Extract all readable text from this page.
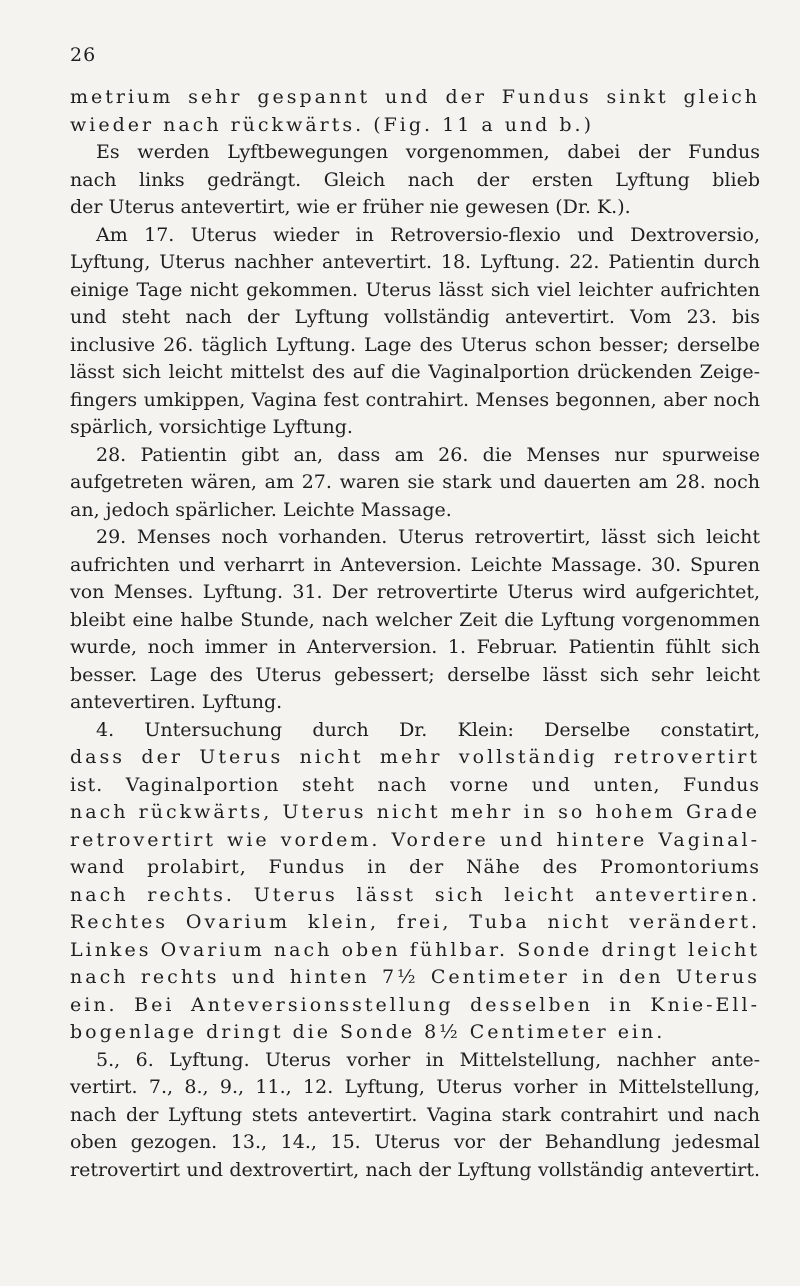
26
metrium sehr gespannt und der Fundus sinkt gleich
wieder nach rückwärts. (Fig. 11 a und b.)
Es werden Lyftbewegungen vorgenommen, dabei der Fundus
nach links gedrängt. Gleich nach der ersten Lyftung blieb
der Uterus antevertirt, wie er früher nie gewesen (Dr. K.).
Am 17. Uterus wieder in Retroversio-flexio und Dextroversio,
Lyftung, Uterus nachher antevertirt. 18. Lyftung. 22. Patientin durch
einige Tage nicht gekommen. Uterus lässt sich viel leichter aufrichten
und steht nach der Lyftung vollständig antevertirt. Vom 23. bis
inclusive 26. täglich Lyftung. Lage des Uterus schon besser; derselbe
lässt sich leicht mittelst des auf die Vaginalportion drückenden Zeige-
fingers umkippen, Vagina fest contrahirt. Menses begonnen, aber noch
spärlich, vorsichtige Lyftung.
28. Patientin gibt an, dass am 26. die Menses nur spurweise
aufgetreten wären, am 27. waren sie stark und dauerten am 28. noch
an, jedoch spärlicher. Leichte Massage.
29. Menses noch vorhanden. Uterus retrovertirt, lässt sich leicht
aufrichten und verharrt in Anteversion. Leichte Massage. 30. Spuren
von Menses. Lyftung. 31. Der retrovertirte Uterus wird aufgerichtet,
bleibt eine halbe Stunde, nach welcher Zeit die Lyftung vorgenommen
wurde, noch immer in Anterversion. 1. Februar. Patientin fühlt sich
besser. Lage des Uterus gebessert; derselbe lässt sich sehr leicht
antevertiren. Lyftung.
4. Untersuchung durch Dr. Klein: Derselbe constatirt,
dass der Uterus nicht mehr vollständig retrovertirt
ist. Vaginalportion steht nach vorne und unten, Fundus
nach rückwärts, Uterus nicht mehr in so hohem Grade
retrovertirt wie vordem. Vordere und hintere Vaginal-
wand prolabirt, Fundus in der Nähe des Promontoriums
nach rechts. Uterus lässt sich leicht antevertiren.
Rechtes Ovarium klein, frei, Tuba nicht verändert.
Linkes Ovarium nach oben fühlbar. Sonde dringt leicht
nach rechts und hinten 7½ Centimeter in den Uterus
ein. Bei Anteversionsstellung desselben in Knie-Ell-
bogenlage dringt die Sonde 8½ Centimeter ein.
5., 6. Lyftung. Uterus vorher in Mittelstellung, nachher ante-
vertirt. 7., 8., 9., 11., 12. Lyftung, Uterus vorher in Mittelstellung,
nach der Lyftung stets antevertirt. Vagina stark contrahirt und nach
oben gezogen. 13., 14., 15. Uterus vor der Behandlung jedesmal
retrovertirt und dextrovertirt, nach der Lyftung vollständig antevertirt.
